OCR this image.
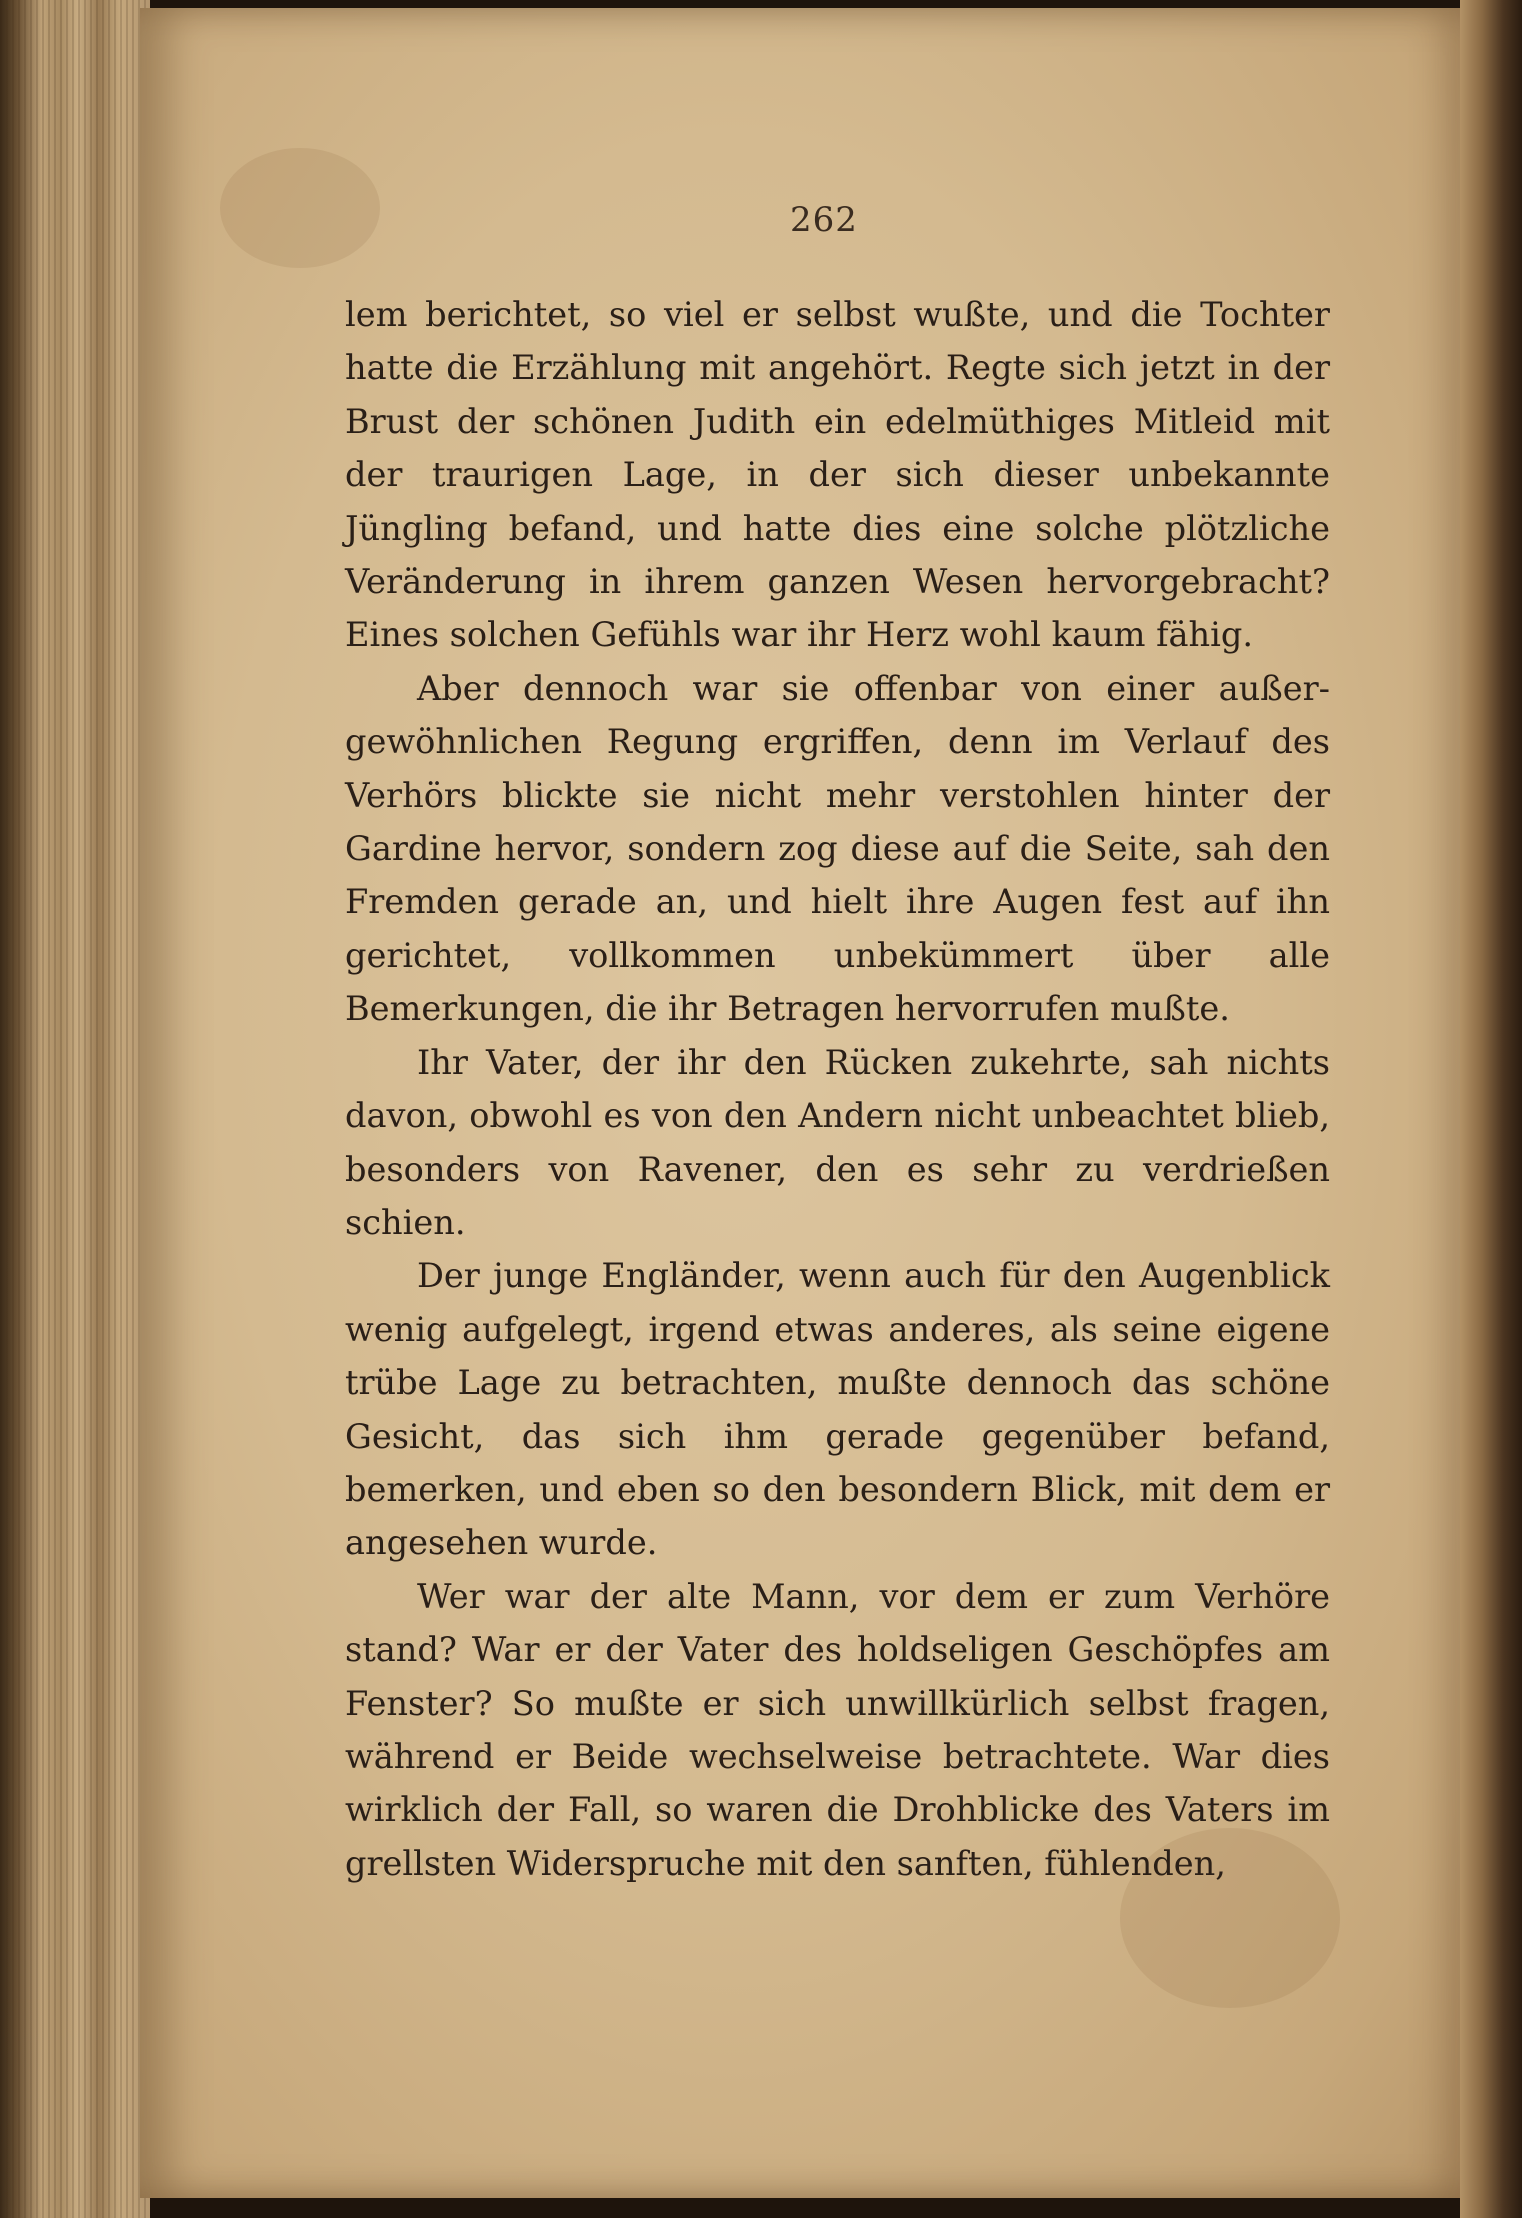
262

lem berichtet, so viel er selbst wußte, und die Tochter hatte die Erzählung mit angehört. Regte sich jetzt in der Brust der schönen Judith ein edelmüthiges Mitleid mit der traurigen Lage, in der sich dieser unbekannte Jüngling befand, und hatte dies eine solche plötzliche Veränderung in ihrem ganzen Wesen hervorgebracht? Eines solchen Gefühls war ihr Herz wohl kaum fähig.

Aber dennoch war sie offenbar von einer außergewöhnlichen Regung ergriffen, denn im Verlauf des Verhörs blickte sie nicht mehr verstohlen hinter der Gardine hervor, sondern zog diese auf die Seite, sah den Fremden gerade an, und hielt ihre Augen fest auf ihn gerichtet, vollkommen unbekümmert über alle Bemerkungen, die ihr Betragen hervorrufen mußte.

Ihr Vater, der ihr den Rücken zukehrte, sah nichts davon, obwohl es von den Andern nicht unbeachtet blieb, besonders von Ravener, den es sehr zu verdrießen schien.

Der junge Engländer, wenn auch für den Augenblick wenig aufgelegt, irgend etwas anderes, als seine eigene trübe Lage zu betrachten, mußte dennoch das schöne Gesicht, das sich ihm gerade gegenüber befand, bemerken, und eben so den besondern Blick, mit dem er angesehen wurde.

Wer war der alte Mann, vor dem er zum Verhöre stand? War er der Vater des holdseligen Geschöpfes am Fenster? So mußte er sich unwillkürlich selbst fragen, während er Beide wechselweise betrachtete. War dies wirklich der Fall, so waren die Drohblicke des Vaters im grellsten Widerspruche mit den sanften, fühlenden,
